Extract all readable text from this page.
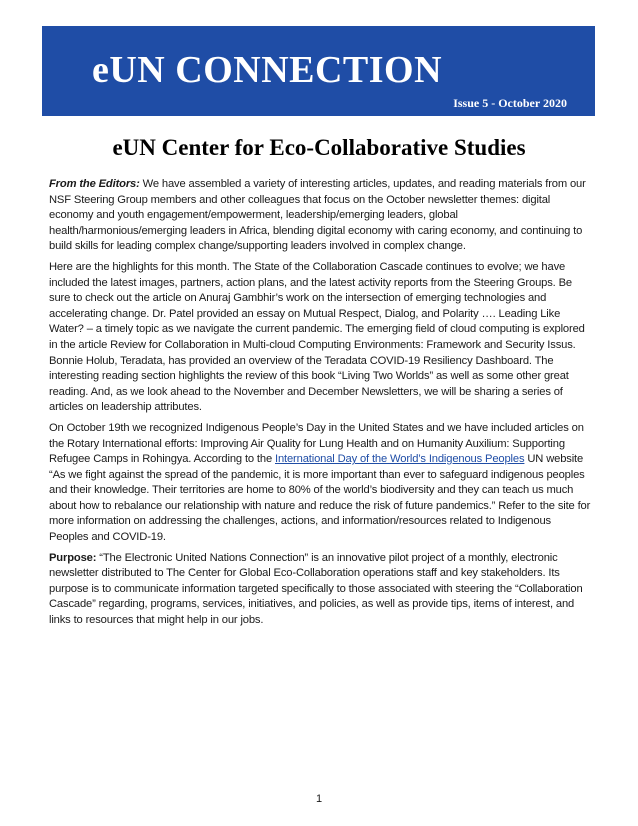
eUN CONNECTION
Issue 5 - October 2020
eUN Center for Eco-Collaborative Studies

From the Editors: We have assembled a variety of interesting articles, updates, and reading materials from our NSF Steering Group members and other colleagues that focus on the October newsletter themes: digital economy and youth engagement/empowerment, leadership/emerging leaders, global health/harmonious/emerging leaders in Africa, blending digital economy with caring economy, and continuing to build skills for leading complex change/supporting leaders involved in complex change.

Here are the highlights for this month. The State of the Collaboration Cascade continues to evolve; we have included the latest images, partners, action plans, and the latest activity reports from the Steering Groups. Be sure to check out the article on Anuraj Gambhir’s work on the intersection of emerging technologies and accelerating change. Dr. Patel provided an essay on Mutual Respect, Dialog, and Polarity …. Leading Like Water? – a timely topic as we navigate the current pandemic. The emerging field of cloud computing is explored in the article Review for Collaboration in Multi-cloud Computing Environments: Framework and Security Issus. Bonnie Holub, Teradata, has provided an overview of the Teradata COVID-19 Resiliency Dashboard. The interesting reading section highlights the review of this book “Living Two Worlds” as well as some other great reading. And, as we look ahead to the November and December Newsletters, we will be sharing a series of articles on leadership attributes.

On October 19th we recognized Indigenous People’s Day in the United States and we have included articles on the Rotary International efforts: Improving Air Quality for Lung Health and on Humanity Auxilium: Supporting Refugee Camps in Rohingya. According to the International Day of the World’s Indigenous Peoples UN website “As we fight against the spread of the pandemic, it is more important than ever to safeguard indigenous peoples and their knowledge. Their territories are home to 80% of the world’s biodiversity and they can teach us much about how to rebalance our relationship with nature and reduce the risk of future pandemics.” Refer to the site for more information on addressing the challenges, actions, and information/resources related to Indigenous Peoples and COVID-19.

Purpose: “The Electronic United Nations Connection” is an innovative pilot project of a monthly, electronic newsletter distributed to The Center for Global Eco-Collaboration operations staff and key stakeholders. Its purpose is to communicate information targeted specifically to those associated with steering the “Collaboration Cascade” regarding, programs, services, initiatives, and policies, as well as provide tips, items of interest, and links to resources that might help in our jobs.

1
